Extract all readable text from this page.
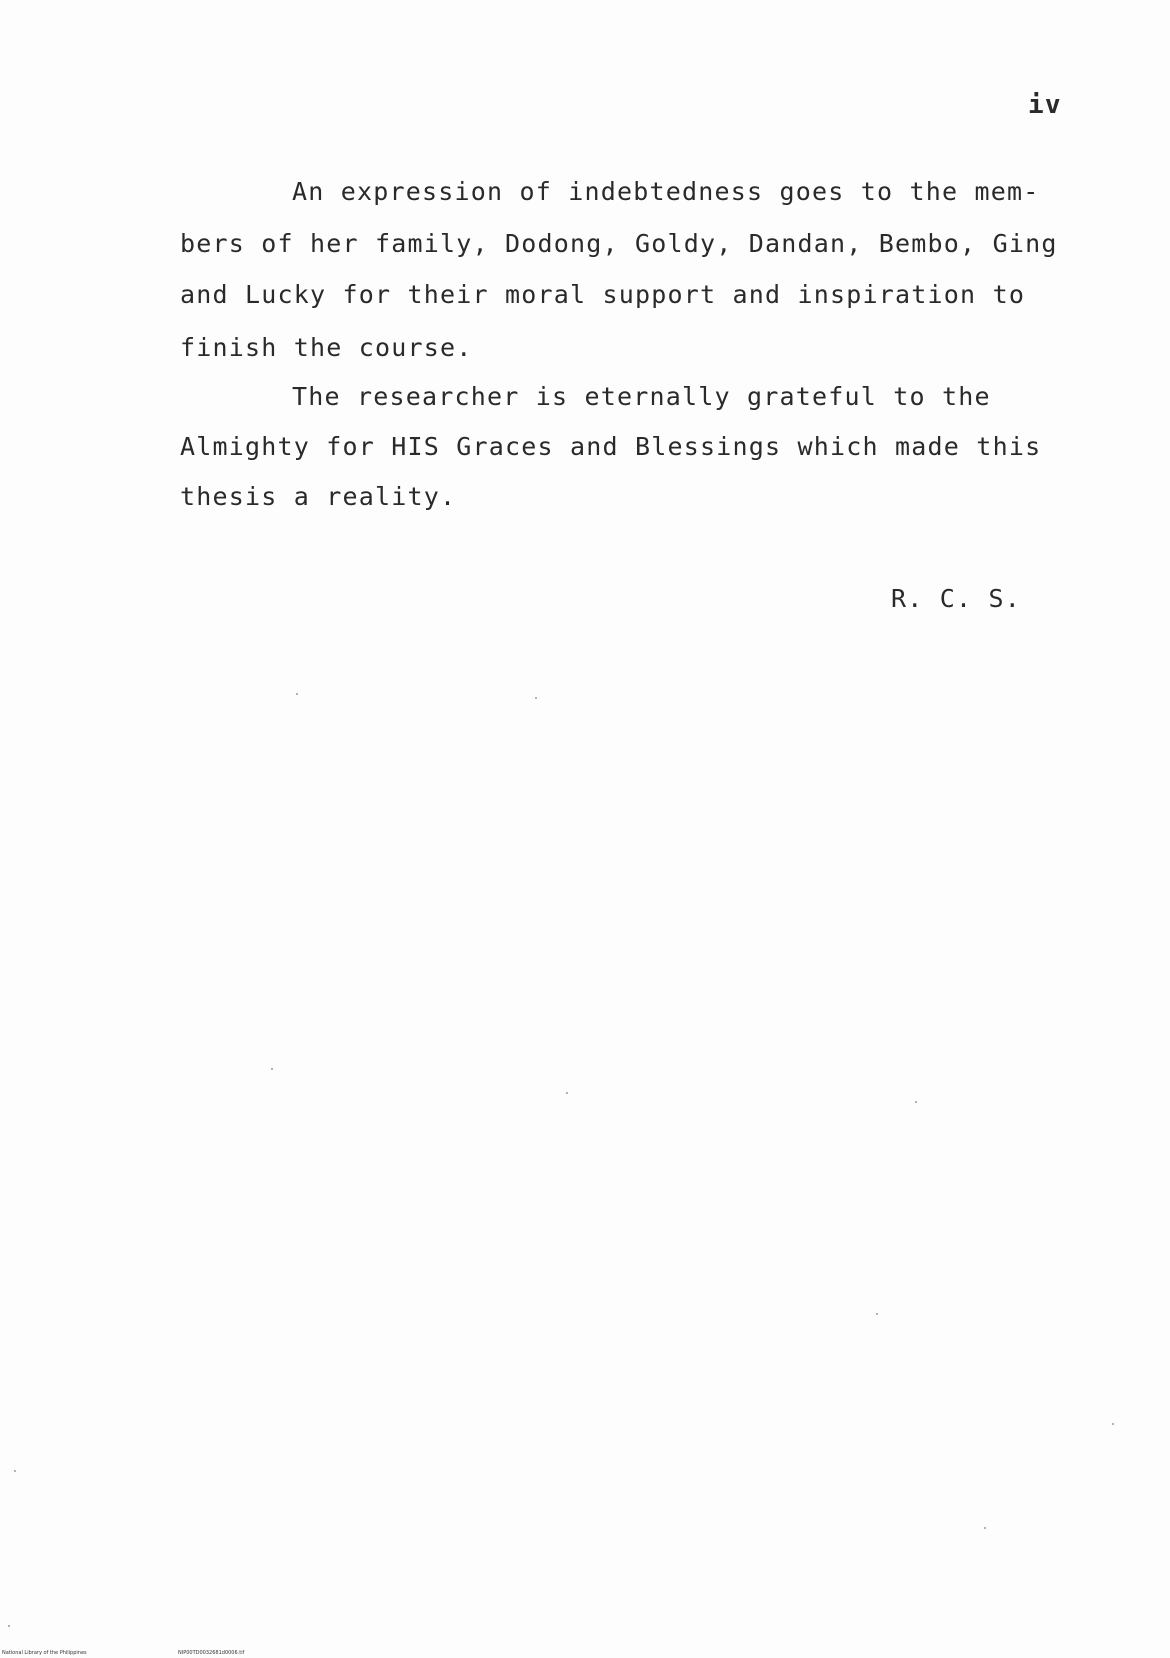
iv
An expression of indebtedness goes to the mem-
bers of her family, Dodong, Goldy, Dandan, Bembo, Ging
and Lucky for their moral support and inspiration to
finish the course.
The researcher is eternally grateful to the
Almighty for HIS Graces and Blessings which made this
thesis a reality.
R. C. S.
National Library of the Philippines	NIP00TD0032681d0006.tif
